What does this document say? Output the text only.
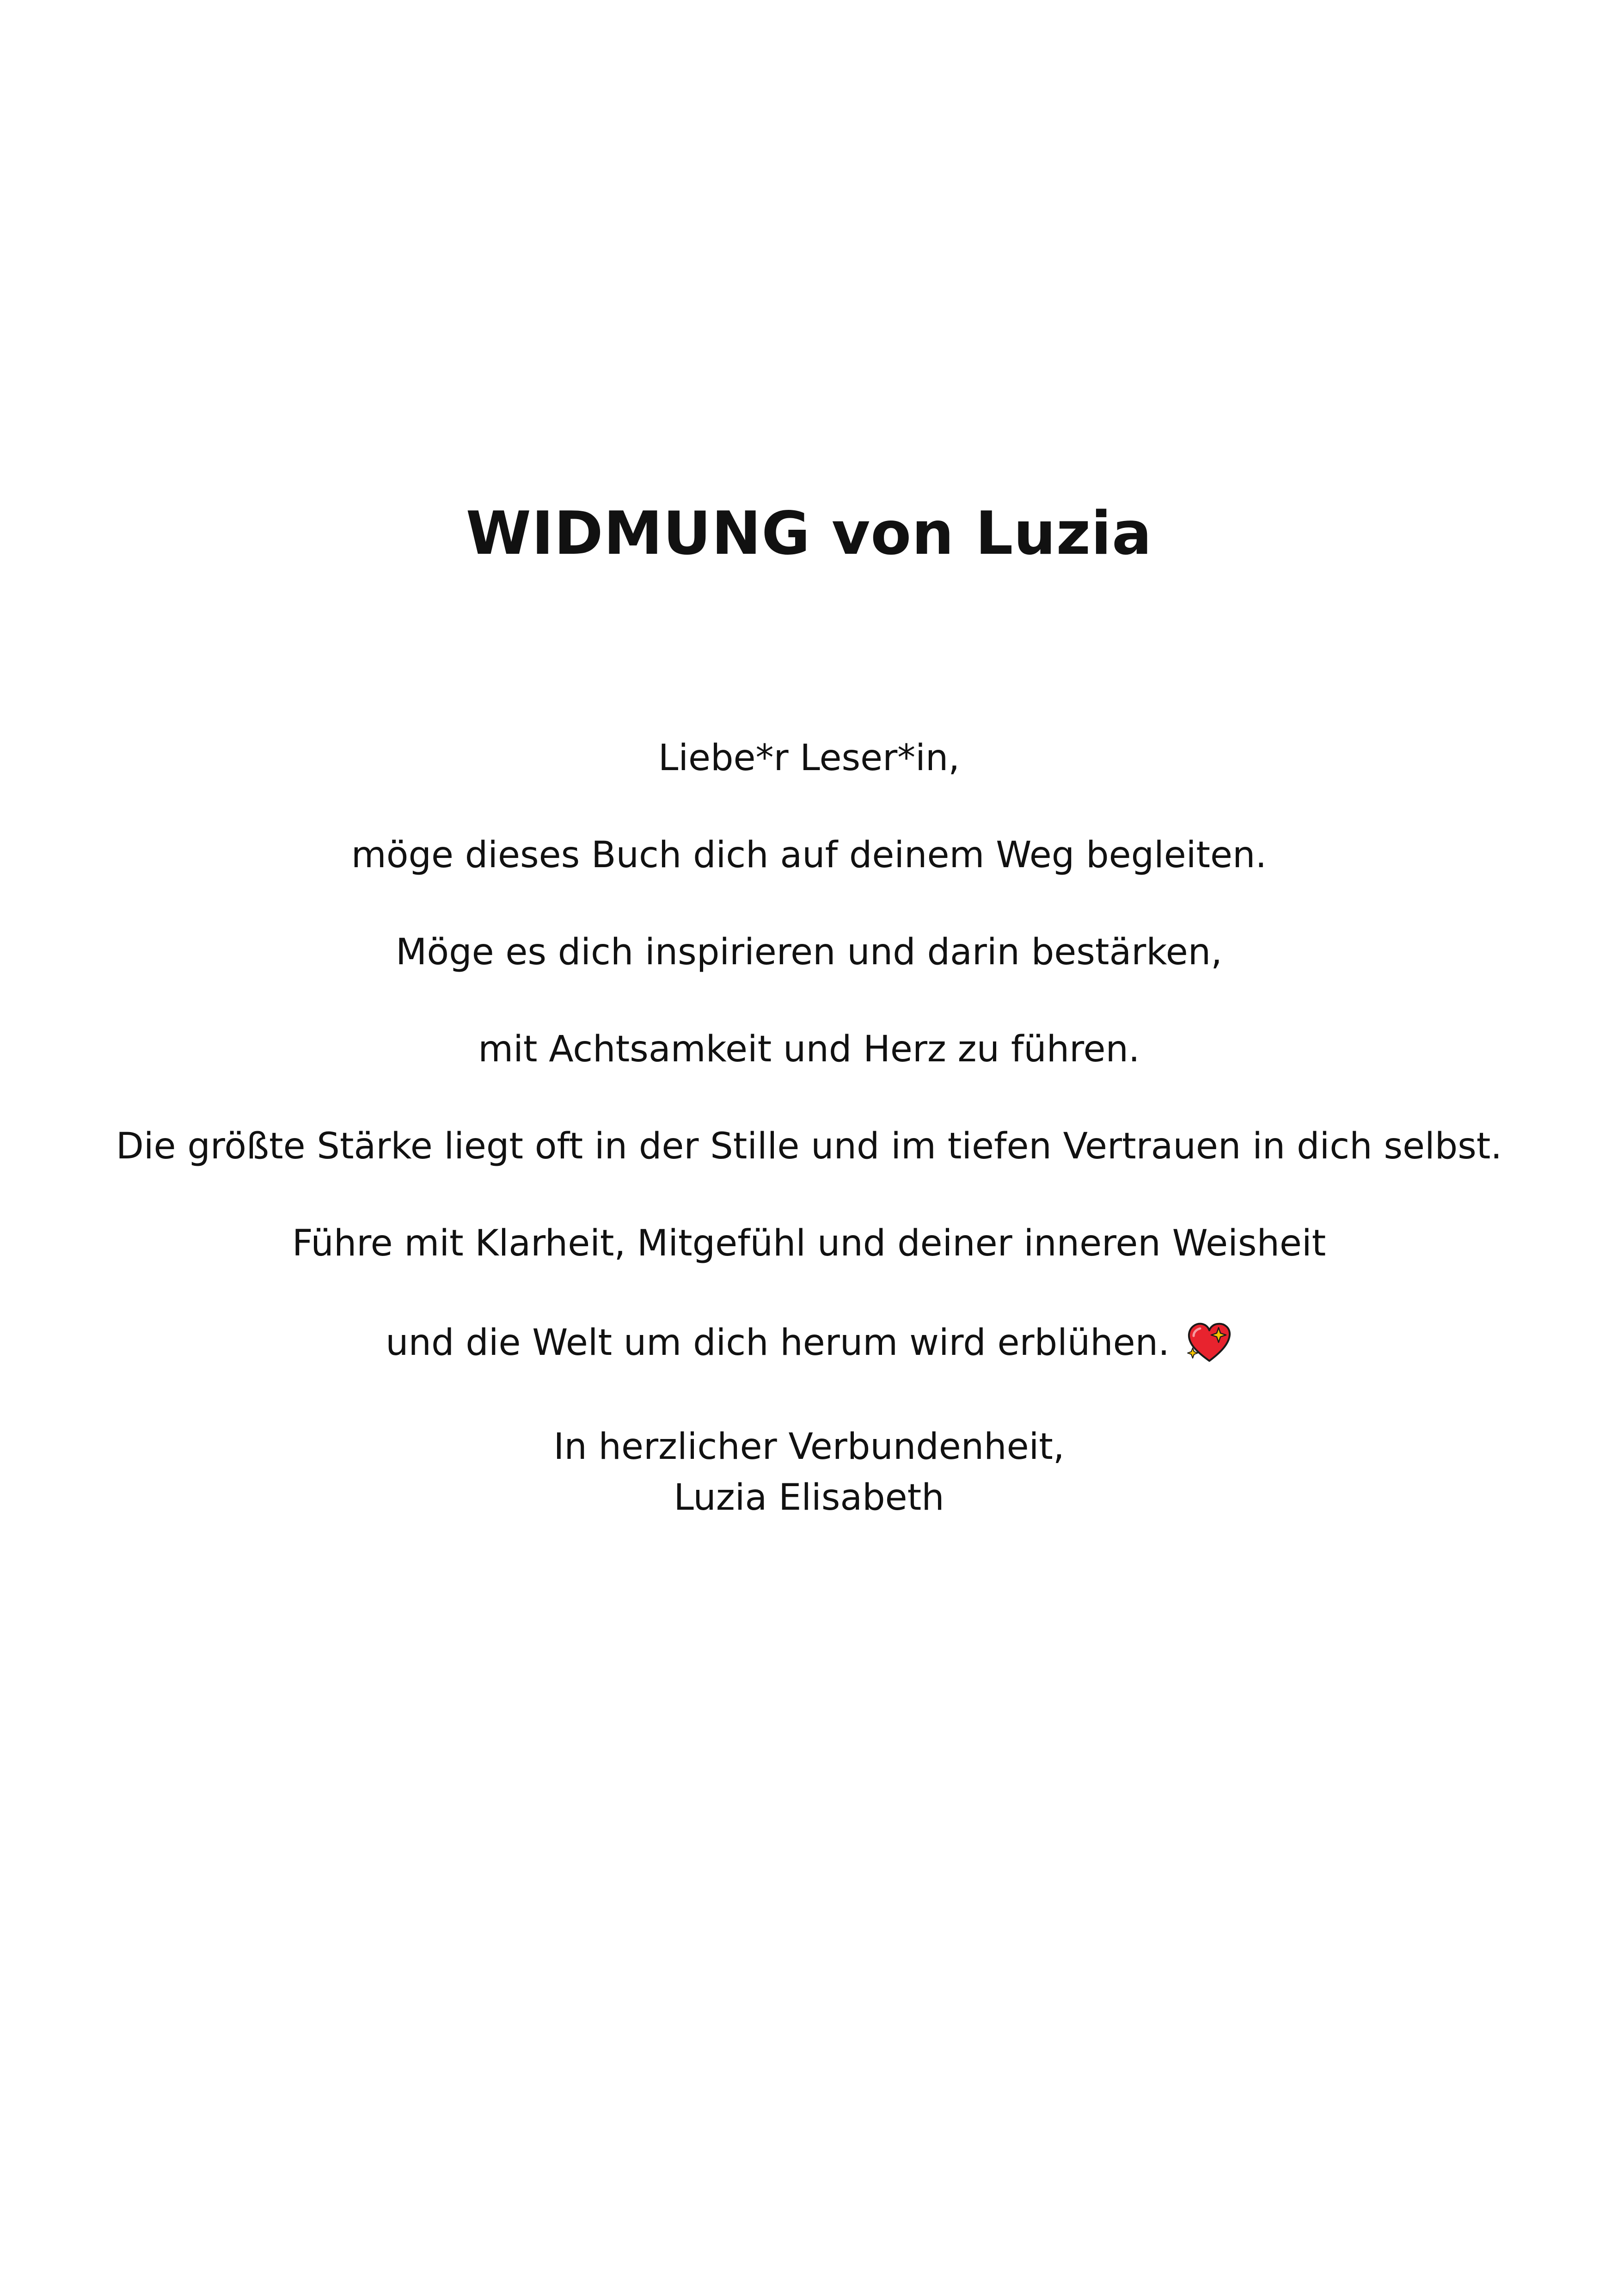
WIDMUNG von Luzia
Liebe*r Leser*in,
möge dieses Buch dich auf deinem Weg begleiten.
Möge es dich inspirieren und darin bestärken,
mit Achtsamkeit und Herz zu führen.
Die größte Stärke liegt oft in der Stille und im tiefen Vertrauen in dich selbst.
Führe mit Klarheit, Mitgefühl und deiner inneren Weisheit
und die Welt um dich herum wird erblühen.
In herzlicher Verbundenheit,
Luzia Elisabeth
